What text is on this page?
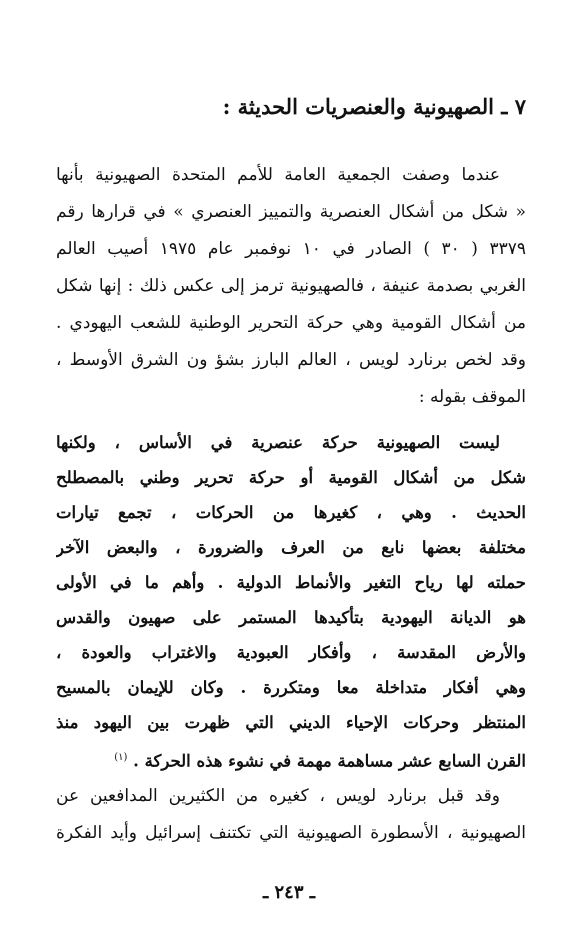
٧ ـ الصهيونية والعنصريات الحديثة :
عندما وصفت الجمعية العامة للأمم المتحدة الصهيونية بأنها
« شكل من أشكال العنصرية والتمييز العنصري » في قرارها رقم
٣٣٧٩ ( ٣٠ ) الصادر في ١٠ نوفمبر عام ١٩٧٥ أصيب العالم
الغربي بصدمة عنيفة ، فالصهيونية ترمز إلى عكس ذلك : إنها شكل
من أشكال القومية وهي حركة التحرير الوطنية للشعب اليهودي .
وقد لخص برنارد لويس ، العالم البارز بشؤ ون الشرق الأوسط ،
الموقف بقوله :
ليست الصهيونية حركة عنصرية في الأساس ، ولكنها
شكل من أشكال القومية أو حركة تحرير وطني بالمصطلح
الحديث . وهي ، كغيرها من الحركات ، تجمع تيارات
مختلفة بعضها نابع من العرف والضرورة ، والبعض الآخر
حملته لها رياح التغير والأنماط الدولية . وأهم ما في الأولى
هو الديانة اليهودية بتأكيدها المستمر على صهيون والقدس
والأرض المقدسة ، وأفكار العبودية والاغتراب والعودة ،
وهي أفكار متداخلة معا ومتكررة . وكان للإيمان بالمسيح
المنتظر وحركات الإحياء الديني التي ظهرت بين اليهود منذ
القرن السابع عشر مساهمة مهمة في نشوء هذه الحركة . $^{(١)}$
وقد قبل برنارد لويس ، كغيره من الكثيرين المدافعين عن
الصهيونية ، الأسطورة الصهيونية التي تكتنف إسرائيل وأيد الفكرة
ـ ٢٤٣ ـ
